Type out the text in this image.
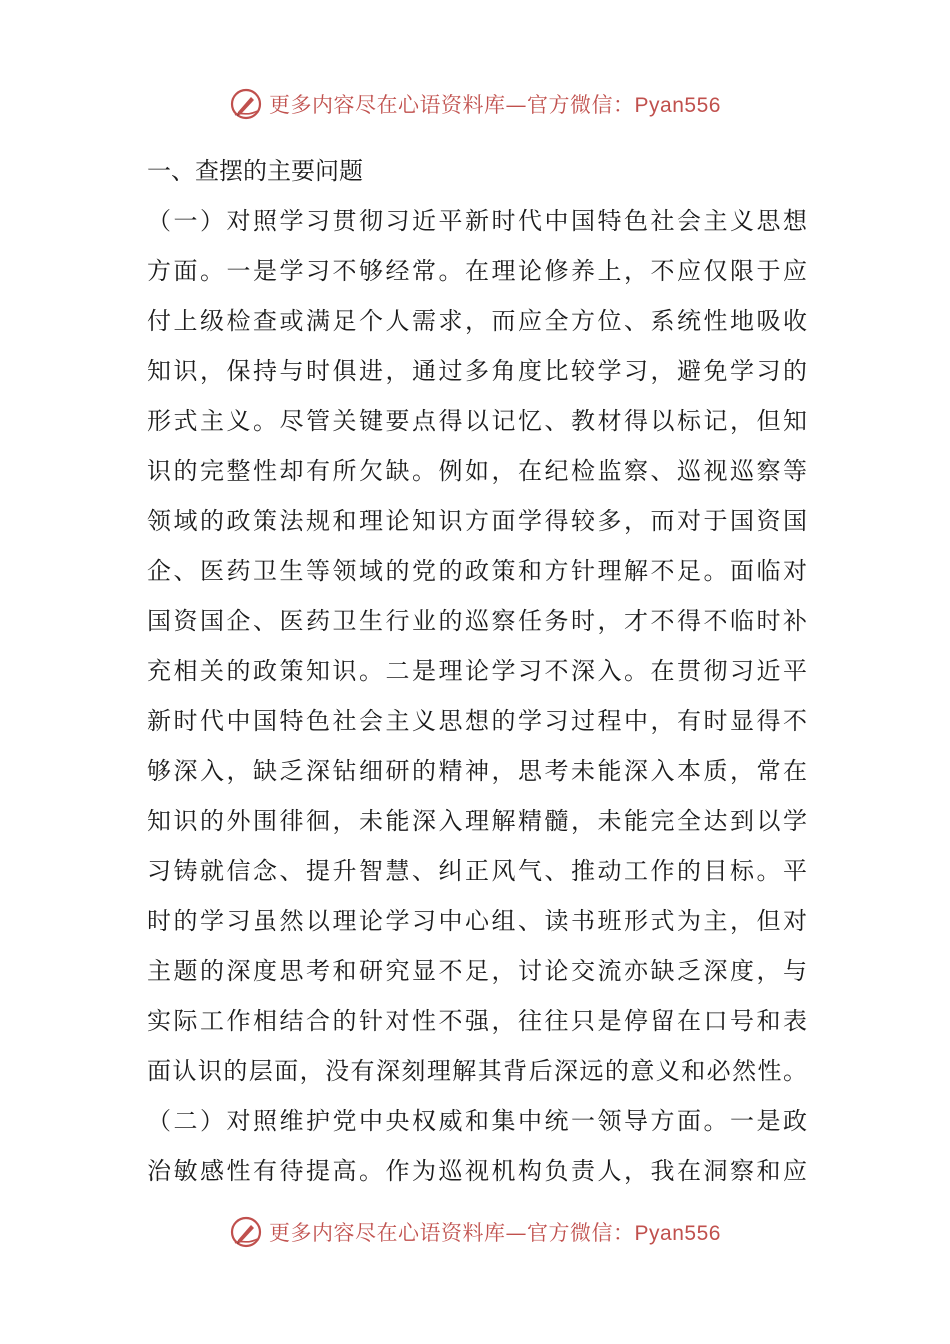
更多内容尽在心语资料库—官方微信：Pyan556
一、查摆的主要问题
（一）对照学习贯彻习近平新时代中国特色社会主义思想
方面。一是学习不够经常。在理论修养上，不应仅限于应
付上级检查或满足个人需求，而应全方位、系统性地吸收
知识，保持与时俱进，通过多角度比较学习，避免学习的
形式主义。尽管关键要点得以记忆、教材得以标记，但知
识的完整性却有所欠缺。例如，在纪检监察、巡视巡察等
领域的政策法规和理论知识方面学得较多，而对于国资国
企、医药卫生等领域的党的政策和方针理解不足。面临对
国资国企、医药卫生行业的巡察任务时，才不得不临时补
充相关的政策知识。二是理论学习不深入。在贯彻习近平
新时代中国特色社会主义思想的学习过程中，有时显得不
够深入，缺乏深钻细研的精神，思考未能深入本质，常在
知识的外围徘徊，未能深入理解精髓，未能完全达到以学
习铸就信念、提升智慧、纠正风气、推动工作的目标。平
时的学习虽然以理论学习中心组、读书班形式为主，但对
主题的深度思考和研究显不足，讨论交流亦缺乏深度，与
实际工作相结合的针对性不强，往往只是停留在口号和表
面认识的层面，没有深刻理解其背后深远的意义和必然性。
（二）对照维护党中央权威和集中统一领导方面。一是政
治敏感性有待提高。作为巡视机构负责人，我在洞察和应
更多内容尽在心语资料库—官方微信：Pyan556
